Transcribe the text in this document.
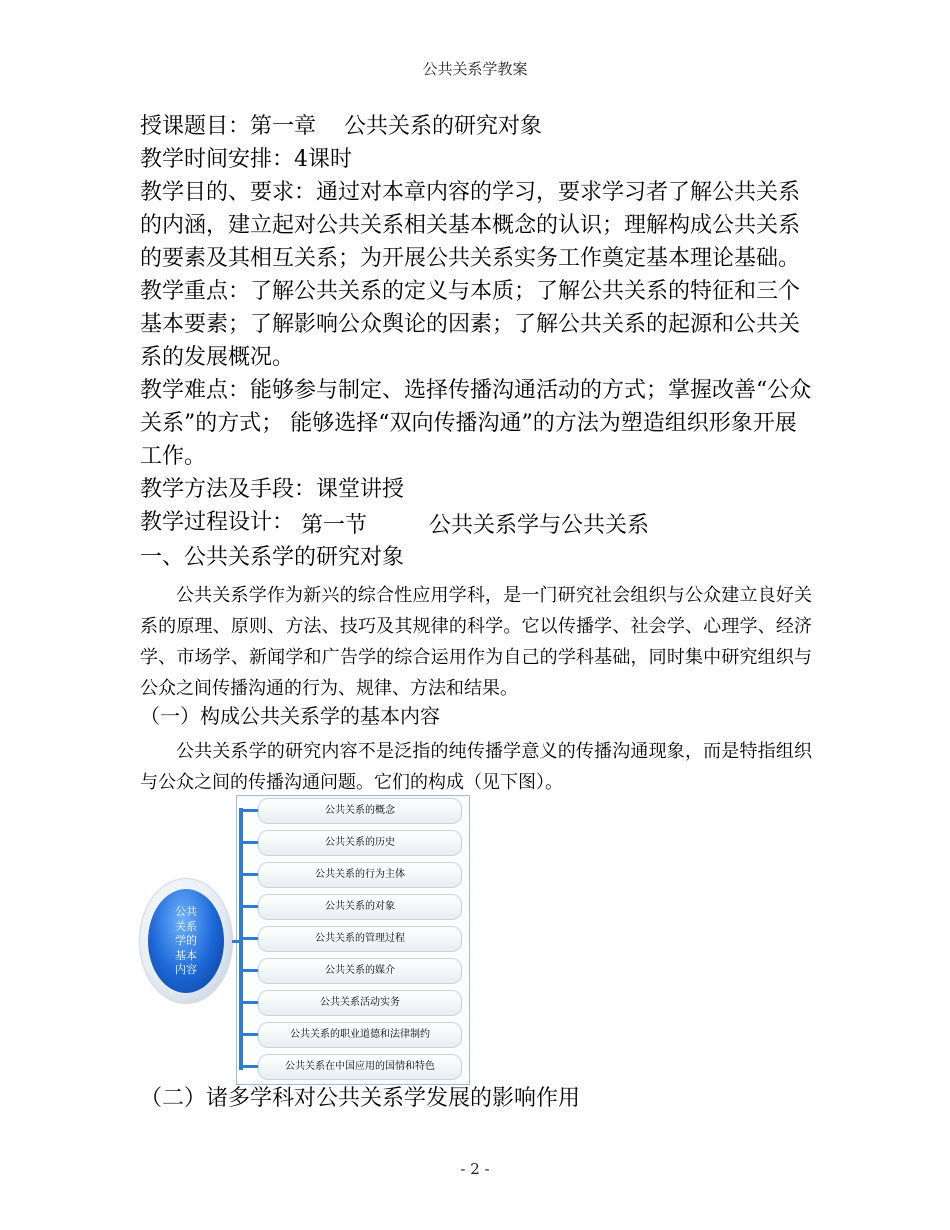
公共关系学教案
授课题目：第一章 公共关系的研究对象
教学时间安排：4课时
教学目的、要求：通过对本章内容的学习，要求学习者了解公共关系的内涵，建立起对公共关系相关基本概念的认识；理解构成公共关系的要素及其相互关系；为开展公共关系实务工作奠定基本理论基础。
教学重点：了解公共关系的定义与本质；了解公共关系的特征和三个基本要素；了解影响公众舆论的因素；了解公共关系的起源和公共关系的发展概况。
教学难点：能够参与制定、选择传播沟通活动的方式；掌握改善“公众关系”的方式； 能够选择“双向传播沟通”的方法为塑造组织形象开展工作。
教学方法及手段：课堂讲授
教学过程设计： 第一节	公共关系学与公共关系
一、公共关系学的研究对象
公共关系学作为新兴的综合性应用学科，是一门研究社会组织与公众建立良好关系的原理、原则、方法、技巧及其规律的科学。它以传播学、社会学、心理学、经济学、市场学、新闻学和广告学的综合运用作为自己的学科基础，同时集中研究组织与公众之间传播沟通的行为、规律、方法和结果。
（一）构成公共关系学的基本内容
公共关系学的研究内容不是泛指的纯传播学意义的传播沟通现象，而是特指组织与公众之间的传播沟通问题。它们的构成（见下图）。
公共
关系
学的
基本
内容
公共关系的概念
公共关系的历史
公共关系的行为主体
公共关系的对象
公共关系的管理过程
公共关系的媒介
公共关系活动实务
公共关系的职业道德和法律制约
公共关系在中国应用的国情和特色
（二）诸多学科对公共关系学发展的影响作用
- 2 -
